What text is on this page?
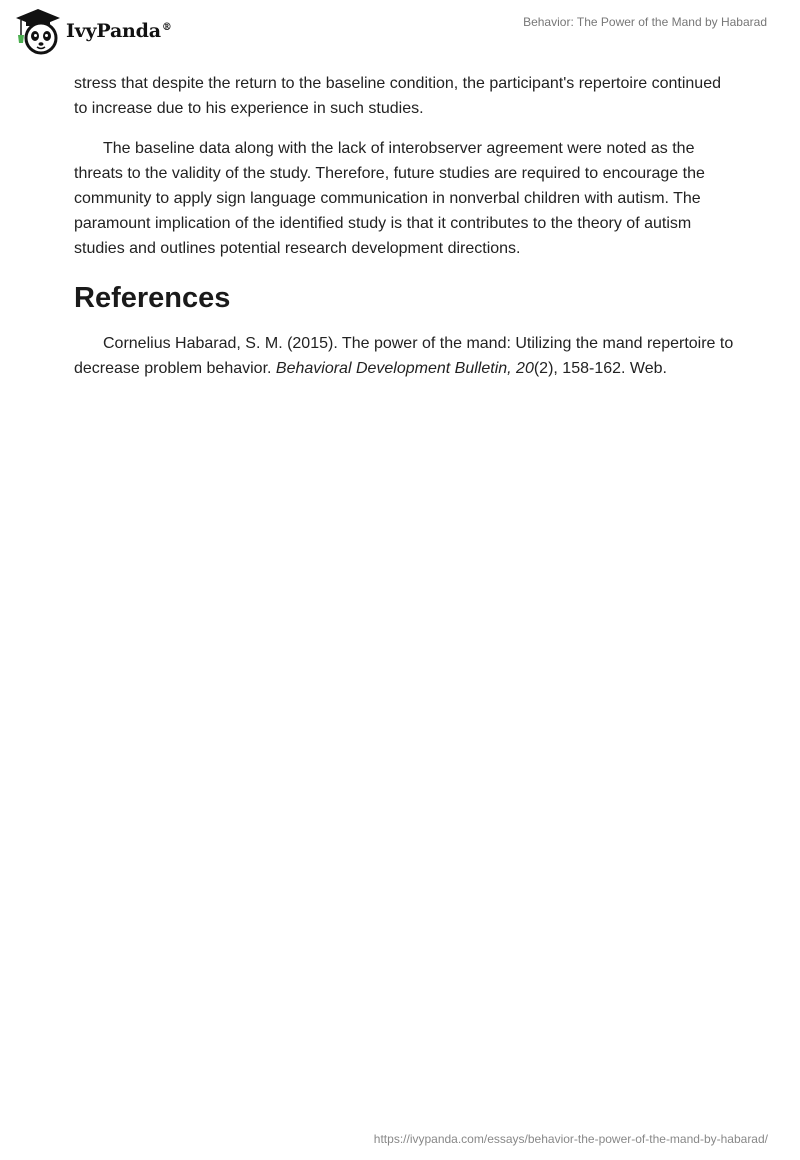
IvyPanda®	Behavior: The Power of the Mand by Habarad

stress that despite the return to the baseline condition, the participant's repertoire continued to increase due to his experience in such studies.

The baseline data along with the lack of interobserver agreement were noted as the threats to the validity of the study. Therefore, future studies are required to encourage the community to apply sign language communication in nonverbal children with autism. The paramount implication of the identified study is that it contributes to the theory of autism studies and outlines potential research development directions.

References

Cornelius Habarad, S. M. (2015). The power of the mand: Utilizing the mand repertoire to decrease problem behavior. Behavioral Development Bulletin, 20(2), 158-162. Web.

https://ivypanda.com/essays/behavior-the-power-of-the-mand-by-habarad/
